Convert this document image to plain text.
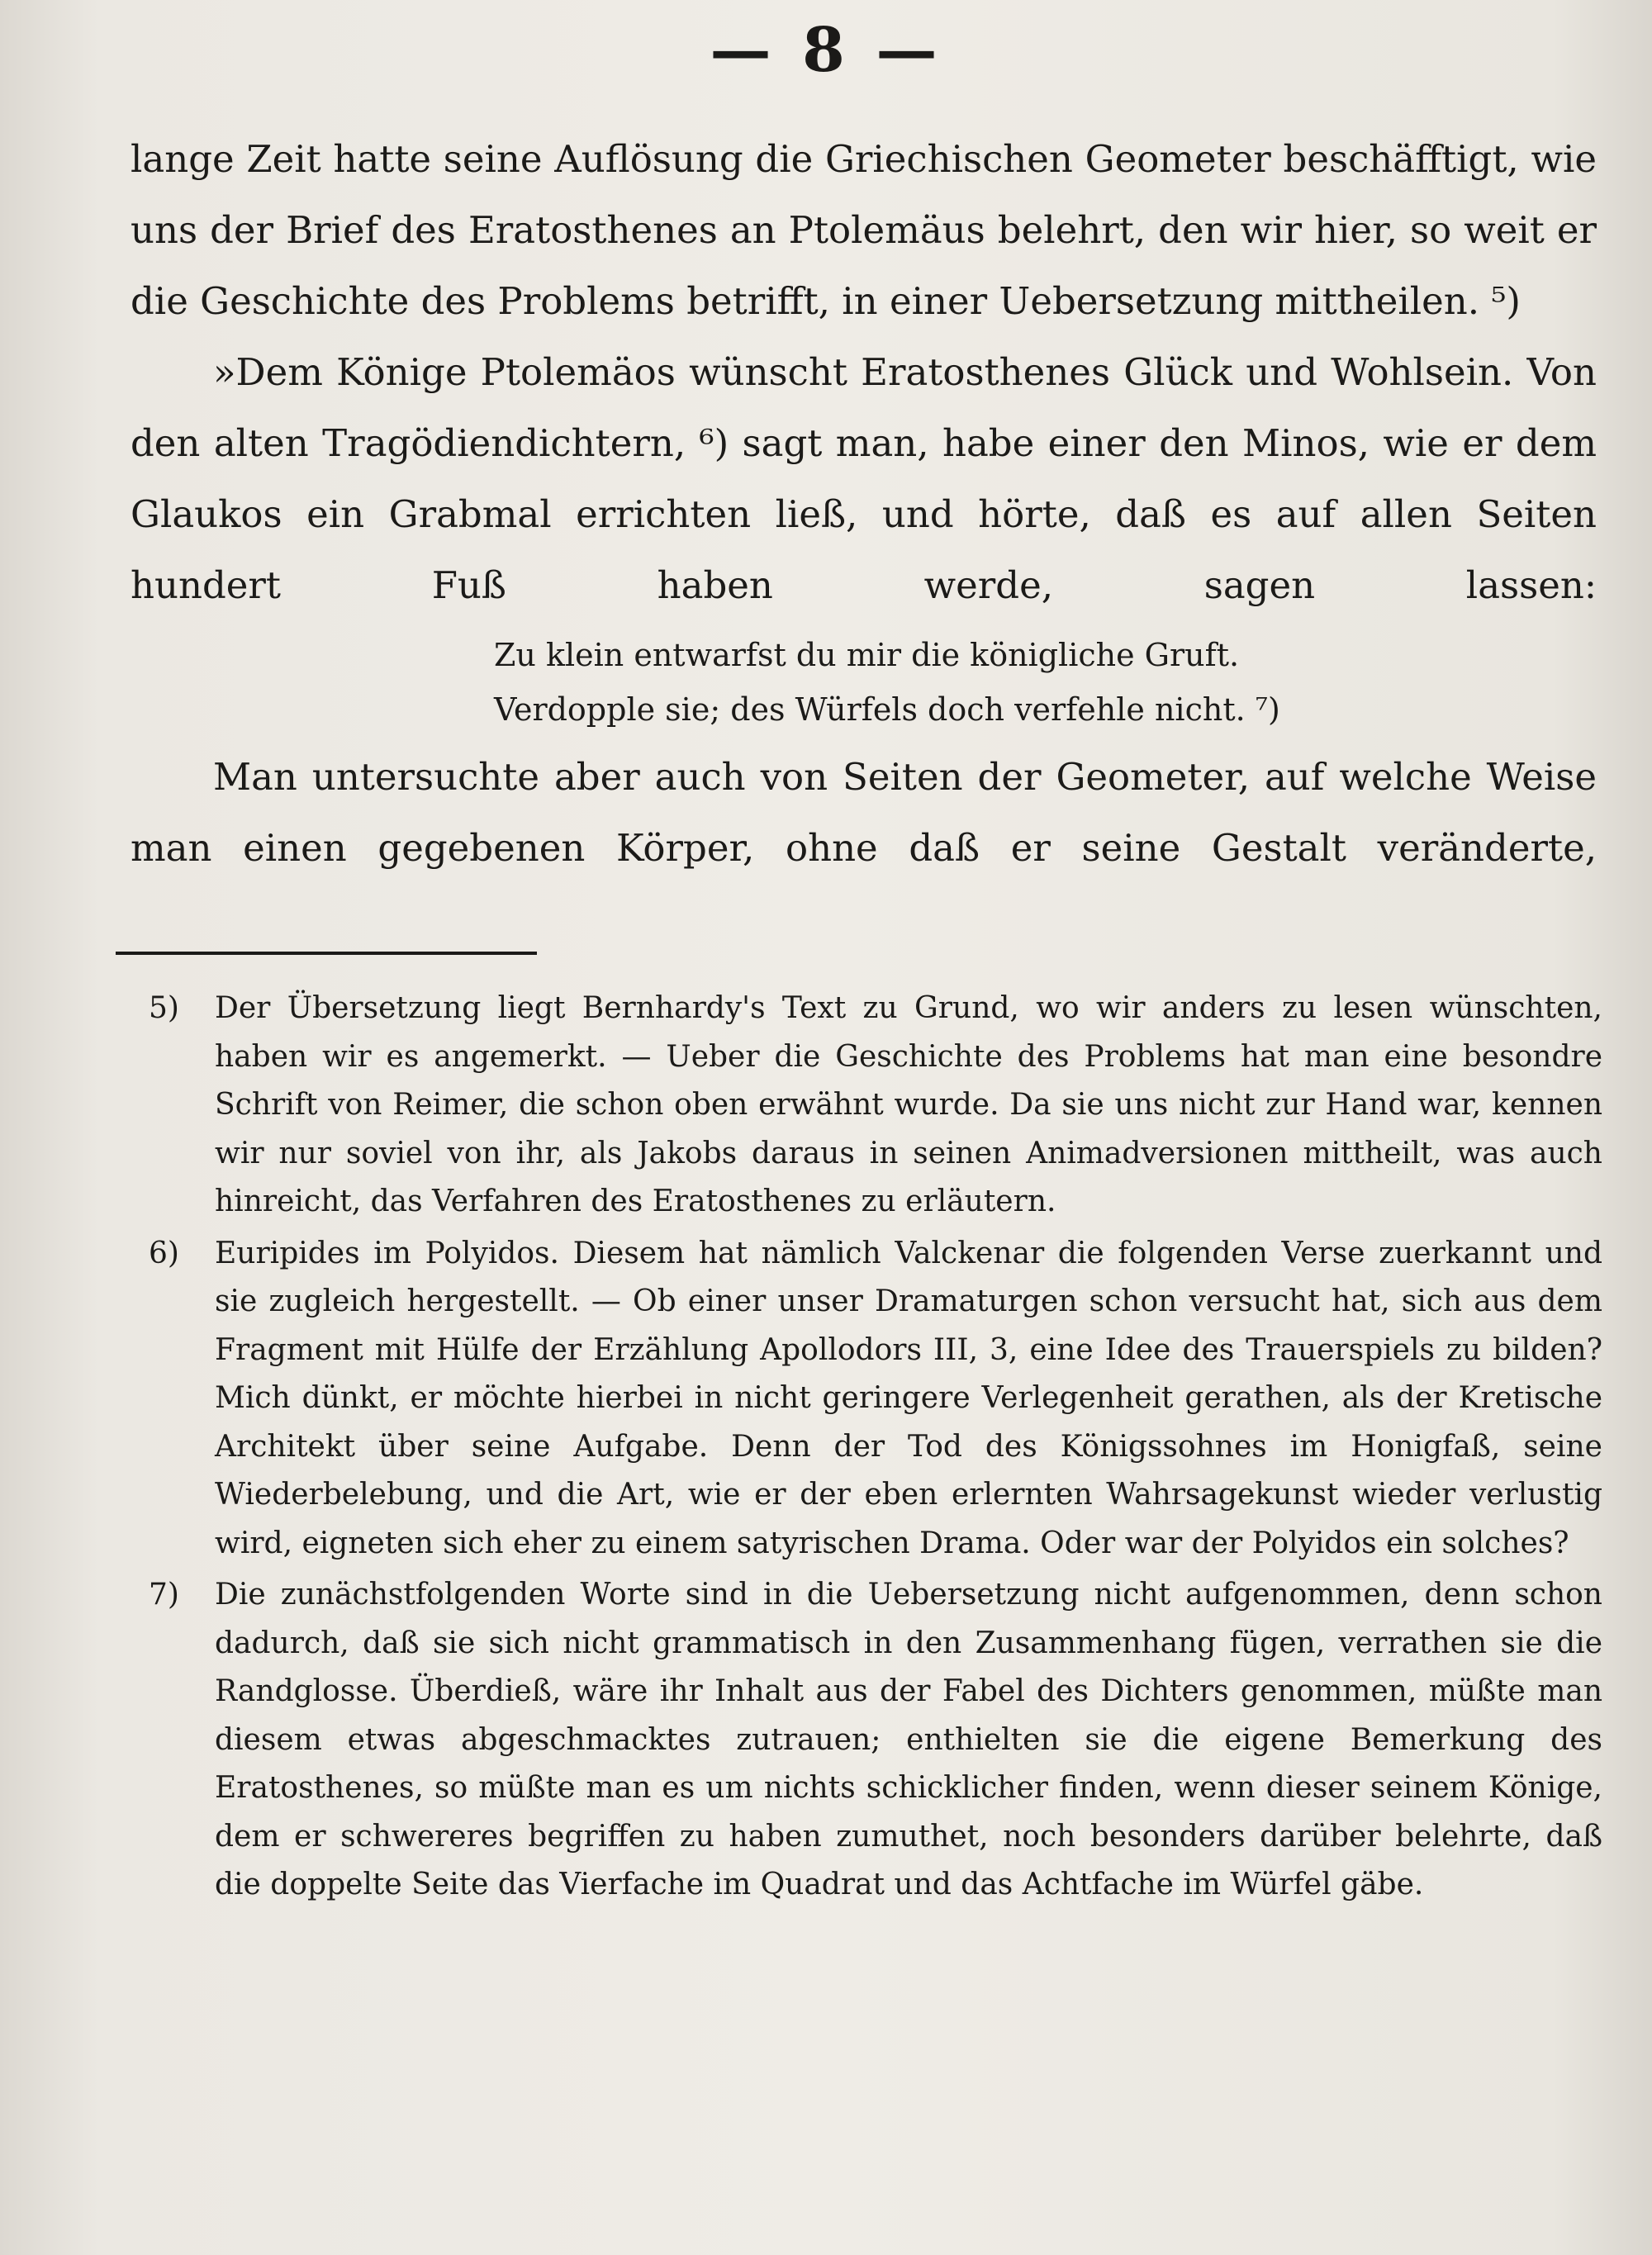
— 8 —

lange Zeit hatte seine Auflösung die Griechischen Geometer beschäfftigt, wie uns der Brief des Eratosthenes an Ptolemäus belehrt, den wir hier, so weit er die Geschichte des Problems betrifft, in einer Uebersetzung mittheilen. ⁵)

»Dem Könige Ptolemäos wünscht Eratosthenes Glück und Wohlsein. Von den alten Tragödiendichtern, ⁶) sagt man, habe einer den Minos, wie er dem Glaukos ein Grabmal errichten ließ, und hörte, daß es auf allen Seiten hundert Fuß haben werde, sagen lassen:

Zu klein entwarfst du mir die königliche Gruft.
Verdopple sie; des Würfels doch verfehle nicht. ⁷)

Man untersuchte aber auch von Seiten der Geometer, auf welche Weise man einen gegebenen Körper, ohne daß er seine Gestalt veränderte,

5) Der Übersetzung liegt Bernhardy's Text zu Grund, wo wir anders zu lesen wünschten, haben wir es angemerkt. — Ueber die Geschichte des Problems hat man eine besondre Schrift von Reimer, die schon oben erwähnt wurde. Da sie uns nicht zur Hand war, kennen wir nur soviel von ihr, als Jakobs daraus in seinen Animadversionen mittheilt, was auch hinreicht, das Verfahren des Eratosthenes zu erläutern.
6) Euripides im Polyidos. Diesem hat nämlich Valckenar die folgenden Verse zuerkannt und sie zugleich hergestellt. — Ob einer unser Dramaturgen schon versucht hat, sich aus dem Fragment mit Hülfe der Erzählung Apollodors III, 3, eine Idee des Trauerspiels zu bilden? Mich dünkt, er möchte hierbei in nicht geringere Verlegenheit gerathen, als der Kretische Architekt über seine Aufgabe. Denn der Tod des Königssohnes im Honigfaß, seine Wiederbelebung, und die Art, wie er der eben erlernten Wahrsagekunst wieder verlustig wird, eigneten sich eher zu einem satyrischen Drama. Oder war der Polyidos ein solches?
7) Die zunächstfolgenden Worte sind in die Uebersetzung nicht aufgenommen, denn schon dadurch, daß sie sich nicht grammatisch in den Zusammenhang fügen, verrathen sie die Randglosse. Überdieß, wäre ihr Inhalt aus der Fabel des Dichters genommen, müßte man diesem etwas abgeschmacktes zutrauen; enthielten sie die eigene Bemerkung des Eratosthenes, so müßte man es um nichts schicklicher finden, wenn dieser seinem Könige, dem er schwereres begriffen zu haben zumuthet, noch besonders darüber belehrte, daß die doppelte Seite das Vierfache im Quadrat und das Achtfache im Würfel gäbe.
